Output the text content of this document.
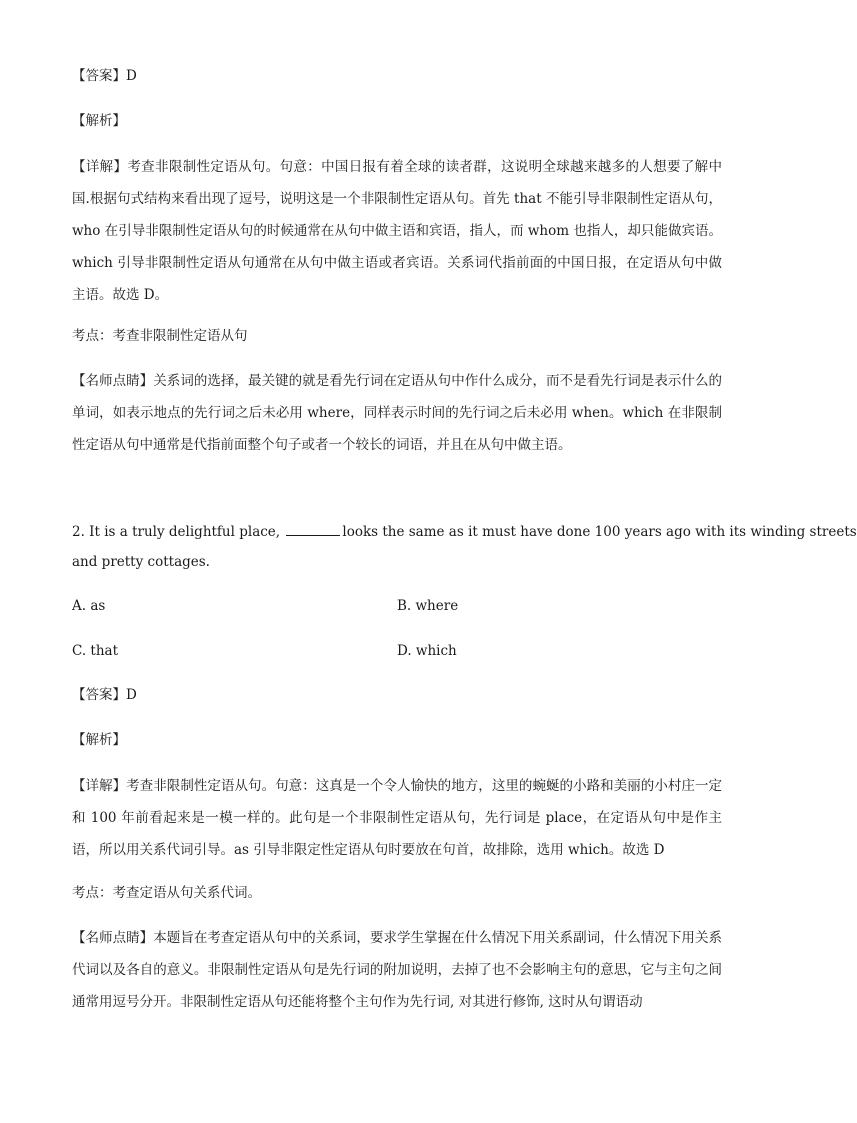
【答案】D
【解析】
【详解】考查非限制性定语从句。句意：中国日报有着全球的读者群，这说明全球越来越多的人想要了解中国.根据句式结构来看出现了逗号，说明这是一个非限制性定语从句。首先 that 不能引导非限制性定语从句，who 在引导非限制性定语从句的时候通常在从句中做主语和宾语，指人，而 whom 也指人，却只能做宾语。which 引导非限制性定语从句通常在从句中做主语或者宾语。关系词代指前面的中国日报，在定语从句中做主语。故选 D。
考点：考查非限制性定语从句
【名师点睛】关系词的选择，最关键的就是看先行词在定语从句中作什么成分，而不是看先行词是表示什么的单词，如表示地点的先行词之后未必用 where，同样表示时间的先行词之后未必用 when。which 在非限制性定语从句中通常是代指前面整个句子或者一个较长的词语，并且在从句中做主语。
2. It is a truly delightful place,	looks the same as it must have done 100 years ago with its winding streets
and pretty cottages.
A. as	B. where
C. that	D. which
【答案】D
【解析】
【详解】考查非限制性定语从句。句意：这真是一个令人愉快的地方，这里的蜿蜒的小路和美丽的小村庄一定和 100 年前看起来是一模一样的。此句是一个非限制性定语从句，先行词是 place，在定语从句中是作主语，所以用关系代词引导。as 引导非限定性定语从句时要放在句首，故排除，选用 which。故选 D
考点：考查定语从句关系代词。
【名师点睛】本题旨在考查定语从句中的关系词，要求学生掌握在什么情况下用关系副词，什么情况下用关系代词以及各自的意义。非限制性定语从句是先行词的附加说明，去掉了也不会影响主句的意思，它与主句之间通常用逗号分开。非限制性定语从句还能将整个主句作为先行词, 对其进行修饰, 这时从句谓语动
